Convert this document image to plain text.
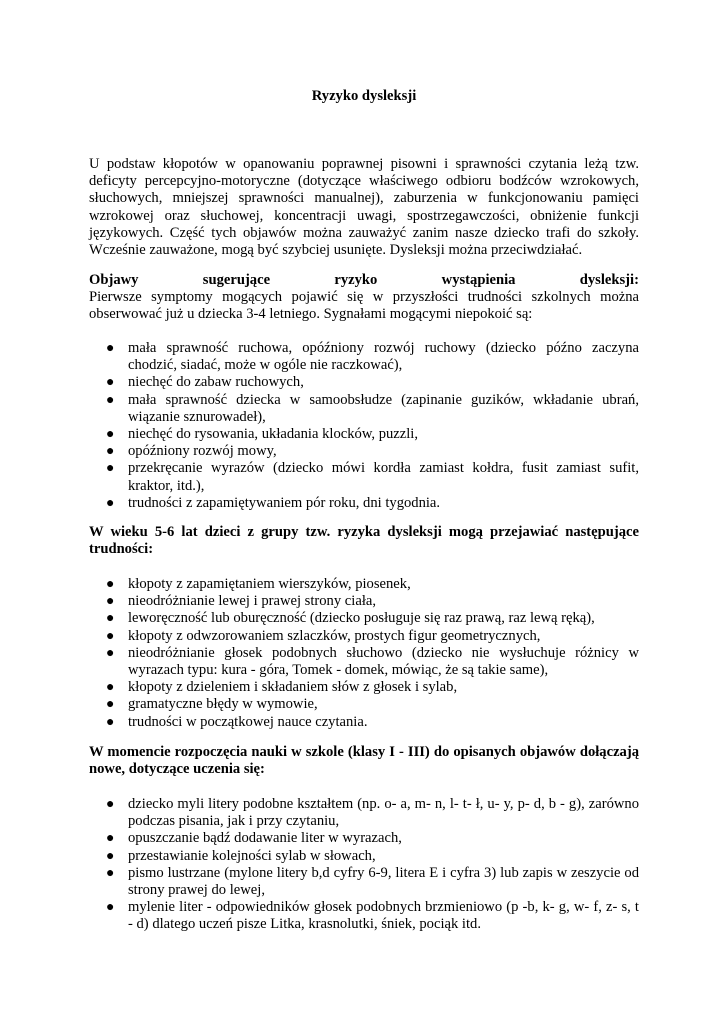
Ryzyko dysleksji

U podstaw kłopotów w opanowaniu poprawnej pisowni i sprawności czytania leżą tzw. deficyty percepcyjno-motoryczne (dotyczące właściwego odbioru bodźców wzrokowych, słuchowych, mniejszej sprawności manualnej), zaburzenia w funkcjonowaniu pamięci wzrokowej oraz słuchowej, koncentracji uwagi, spostrzegawczości, obniżenie funkcji językowych. Część tych objawów można zauważyć zanim nasze dziecko trafi do szkoły. Wcześnie zauważone, mogą być szybciej usunięte. Dysleksji można przeciwdziałać.

Objawy	sugerujące	ryzyko	wystąpienia	dysleksji:
Pierwsze symptomy mogących pojawić się w przyszłości trudności szkolnych można obserwować już u dziecka 3-4 letniego. Sygnałami mogącymi niepokoić są:
● mała sprawność ruchowa, opóźniony rozwój ruchowy (dziecko późno zaczyna chodzić, siadać, może w ogóle nie raczkować),
● niechęć do zabaw ruchowych,
● mała sprawność dziecka w samoobsłudze (zapinanie guzików, wkładanie ubrań, wiązanie sznurowadeł),
● niechęć do rysowania, układania klocków, puzzli,
● opóźniony rozwój mowy,
● przekręcanie wyrazów (dziecko mówi kordła zamiast kołdra, fusit zamiast sufit, kraktor, itd.),
● trudności z zapamiętywaniem pór roku, dni tygodnia.

W wieku 5-6 lat dzieci z grupy tzw. ryzyka dysleksji mogą przejawiać następujące trudności:

● kłopoty z zapamiętaniem wierszyków, piosenek,
● nieodróżnianie lewej i prawej strony ciała,
● leworęczność lub oburęczność (dziecko posługuje się raz prawą, raz lewą ręką),
● kłopoty z odwzorowaniem szlaczków, prostych figur geometrycznych,
● nieodróżnianie głosek podobnych słuchowo (dziecko nie wysłuchuje różnicy w wyrazach typu: kura - góra, Tomek - domek, mówiąc, że są takie same),
● kłopoty z dzieleniem i składaniem słów z głosek i sylab,
● gramatyczne błędy w wymowie,
● trudności w początkowej nauce czytania.

W momencie rozpoczęcia nauki w szkole (klasy I - III) do opisanych objawów dołączają nowe, dotyczące uczenia się:

● dziecko myli litery podobne kształtem (np. o- a, m- n, l- t- ł, u- y, p- d, b - g), zarówno podczas pisania, jak i przy czytaniu,
● opuszczanie bądź dodawanie liter w wyrazach,
● przestawianie kolejności sylab w słowach,
● pismo lustrzane (mylone litery b,d cyfry 6-9, litera E i cyfra 3) lub zapis w zeszycie od strony prawej do lewej,
● mylenie liter - odpowiedników głosek podobnych brzmieniowo (p -b, k- g, w- f, z- s, t - d) dlatego uczeń pisze Litka, krasnolutki, śniek, pociąk itd.
